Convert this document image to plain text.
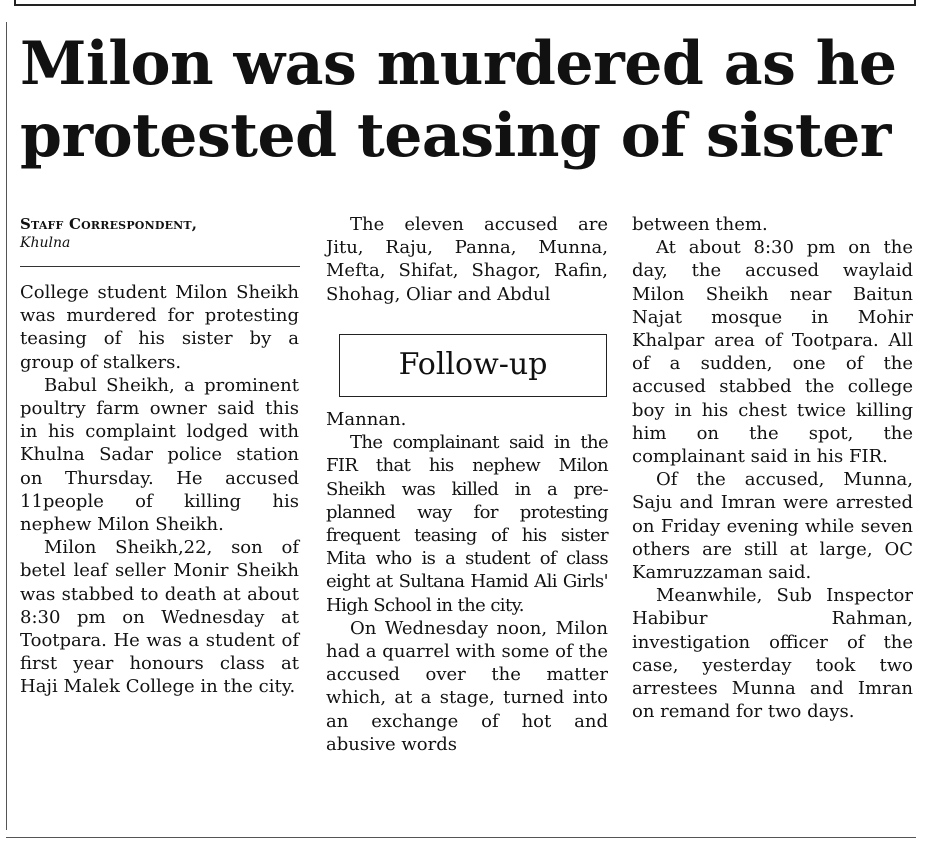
Milon was murdered as he
protested teasing of sister
Staff Correspondent,
Khulna

College student Milon Sheikh was murdered for protesting teasing of his sister by a group of stalkers.

Babul Sheikh, a prominent poultry farm owner said this in his complaint lodged with Khulna Sadar police station on Thursday. He accused 11people of killing his nephew Milon Sheikh.

Milon Sheikh,22, son of betel leaf seller Monir Sheikh was stabbed to death at about 8:30 pm on Wednesday at Tootpara. He was a student of first year honours class at Haji Malek College in the city.

The eleven accused are Jitu, Raju, Panna, Munna, Mefta, Shifat, Shagor, Rafin, Shohag, Oliar and Abdul

Follow-up

Mannan.

The complainant said in the FIR that his nephew Milon Sheikh was killed in a pre-planned way for protesting frequent teasing of his sister Mita who is a student of class eight at Sultana Hamid Ali Girls' High School in the city.

On Wednesday noon, Milon had a quarrel with some of the accused over the matter which, at a stage, turned into an exchange of hot and abusive words

between them.

At about 8:30 pm on the day, the accused waylaid Milon Sheikh near Baitun Najat mosque in Mohir Khalpar area of Tootpara. All of a sudden, one of the accused stabbed the college boy in his chest twice killing him on the spot, the complainant said in his FIR.

Of the accused, Munna, Saju and Imran were arrested on Friday evening while seven others are still at large, OC Kamruzzaman said.

Meanwhile, Sub Inspector Habibur Rahman, investigation officer of the case, yesterday took two arrestees Munna and Imran on remand for two days.
